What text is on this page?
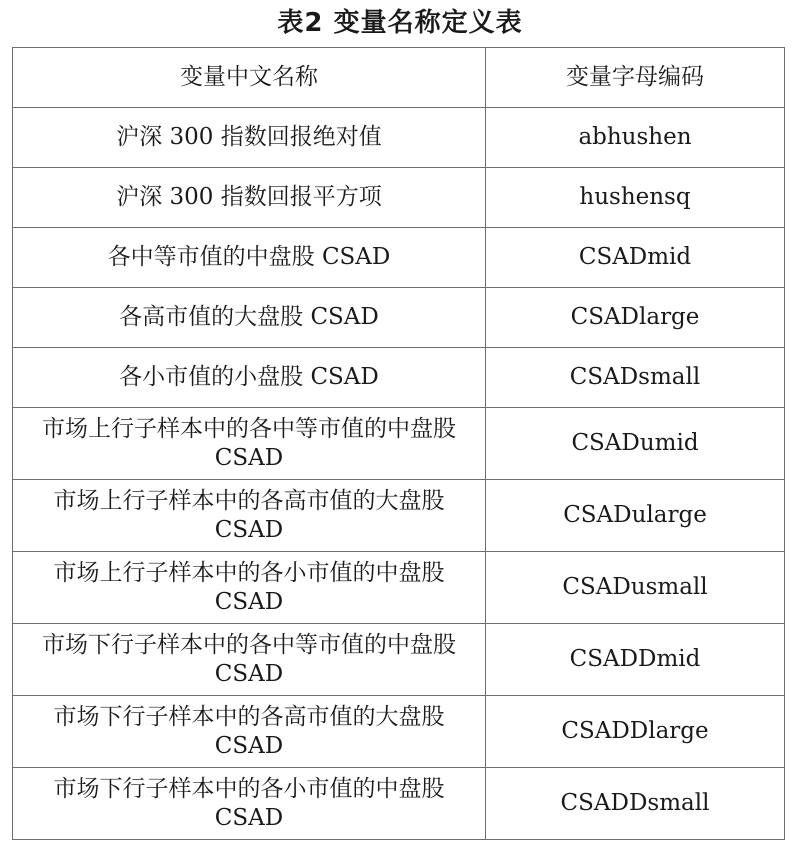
表2 变量名称定义表
变量中文名称	变量字母编码
沪深 300 指数回报绝对值	abhushen
沪深 300 指数回报平方项	hushensq
各中等市值的中盘股 CSAD	CSADmid
各高市值的大盘股 CSAD	CSADlarge
各小市值的小盘股 CSAD	CSADsmall
市场上行子样本中的各中等市值的中盘股 CSAD	CSADumid
市场上行子样本中的各高市值的大盘股 CSAD	CSADularge
市场上行子样本中的各小市值的中盘股 CSAD	CSADusmall
市场下行子样本中的各中等市值的中盘股 CSAD	CSADDmid
市场下行子样本中的各高市值的大盘股 CSAD	CSADDlarge
市场下行子样本中的各小市值的中盘股 CSAD	CSADDsmall
